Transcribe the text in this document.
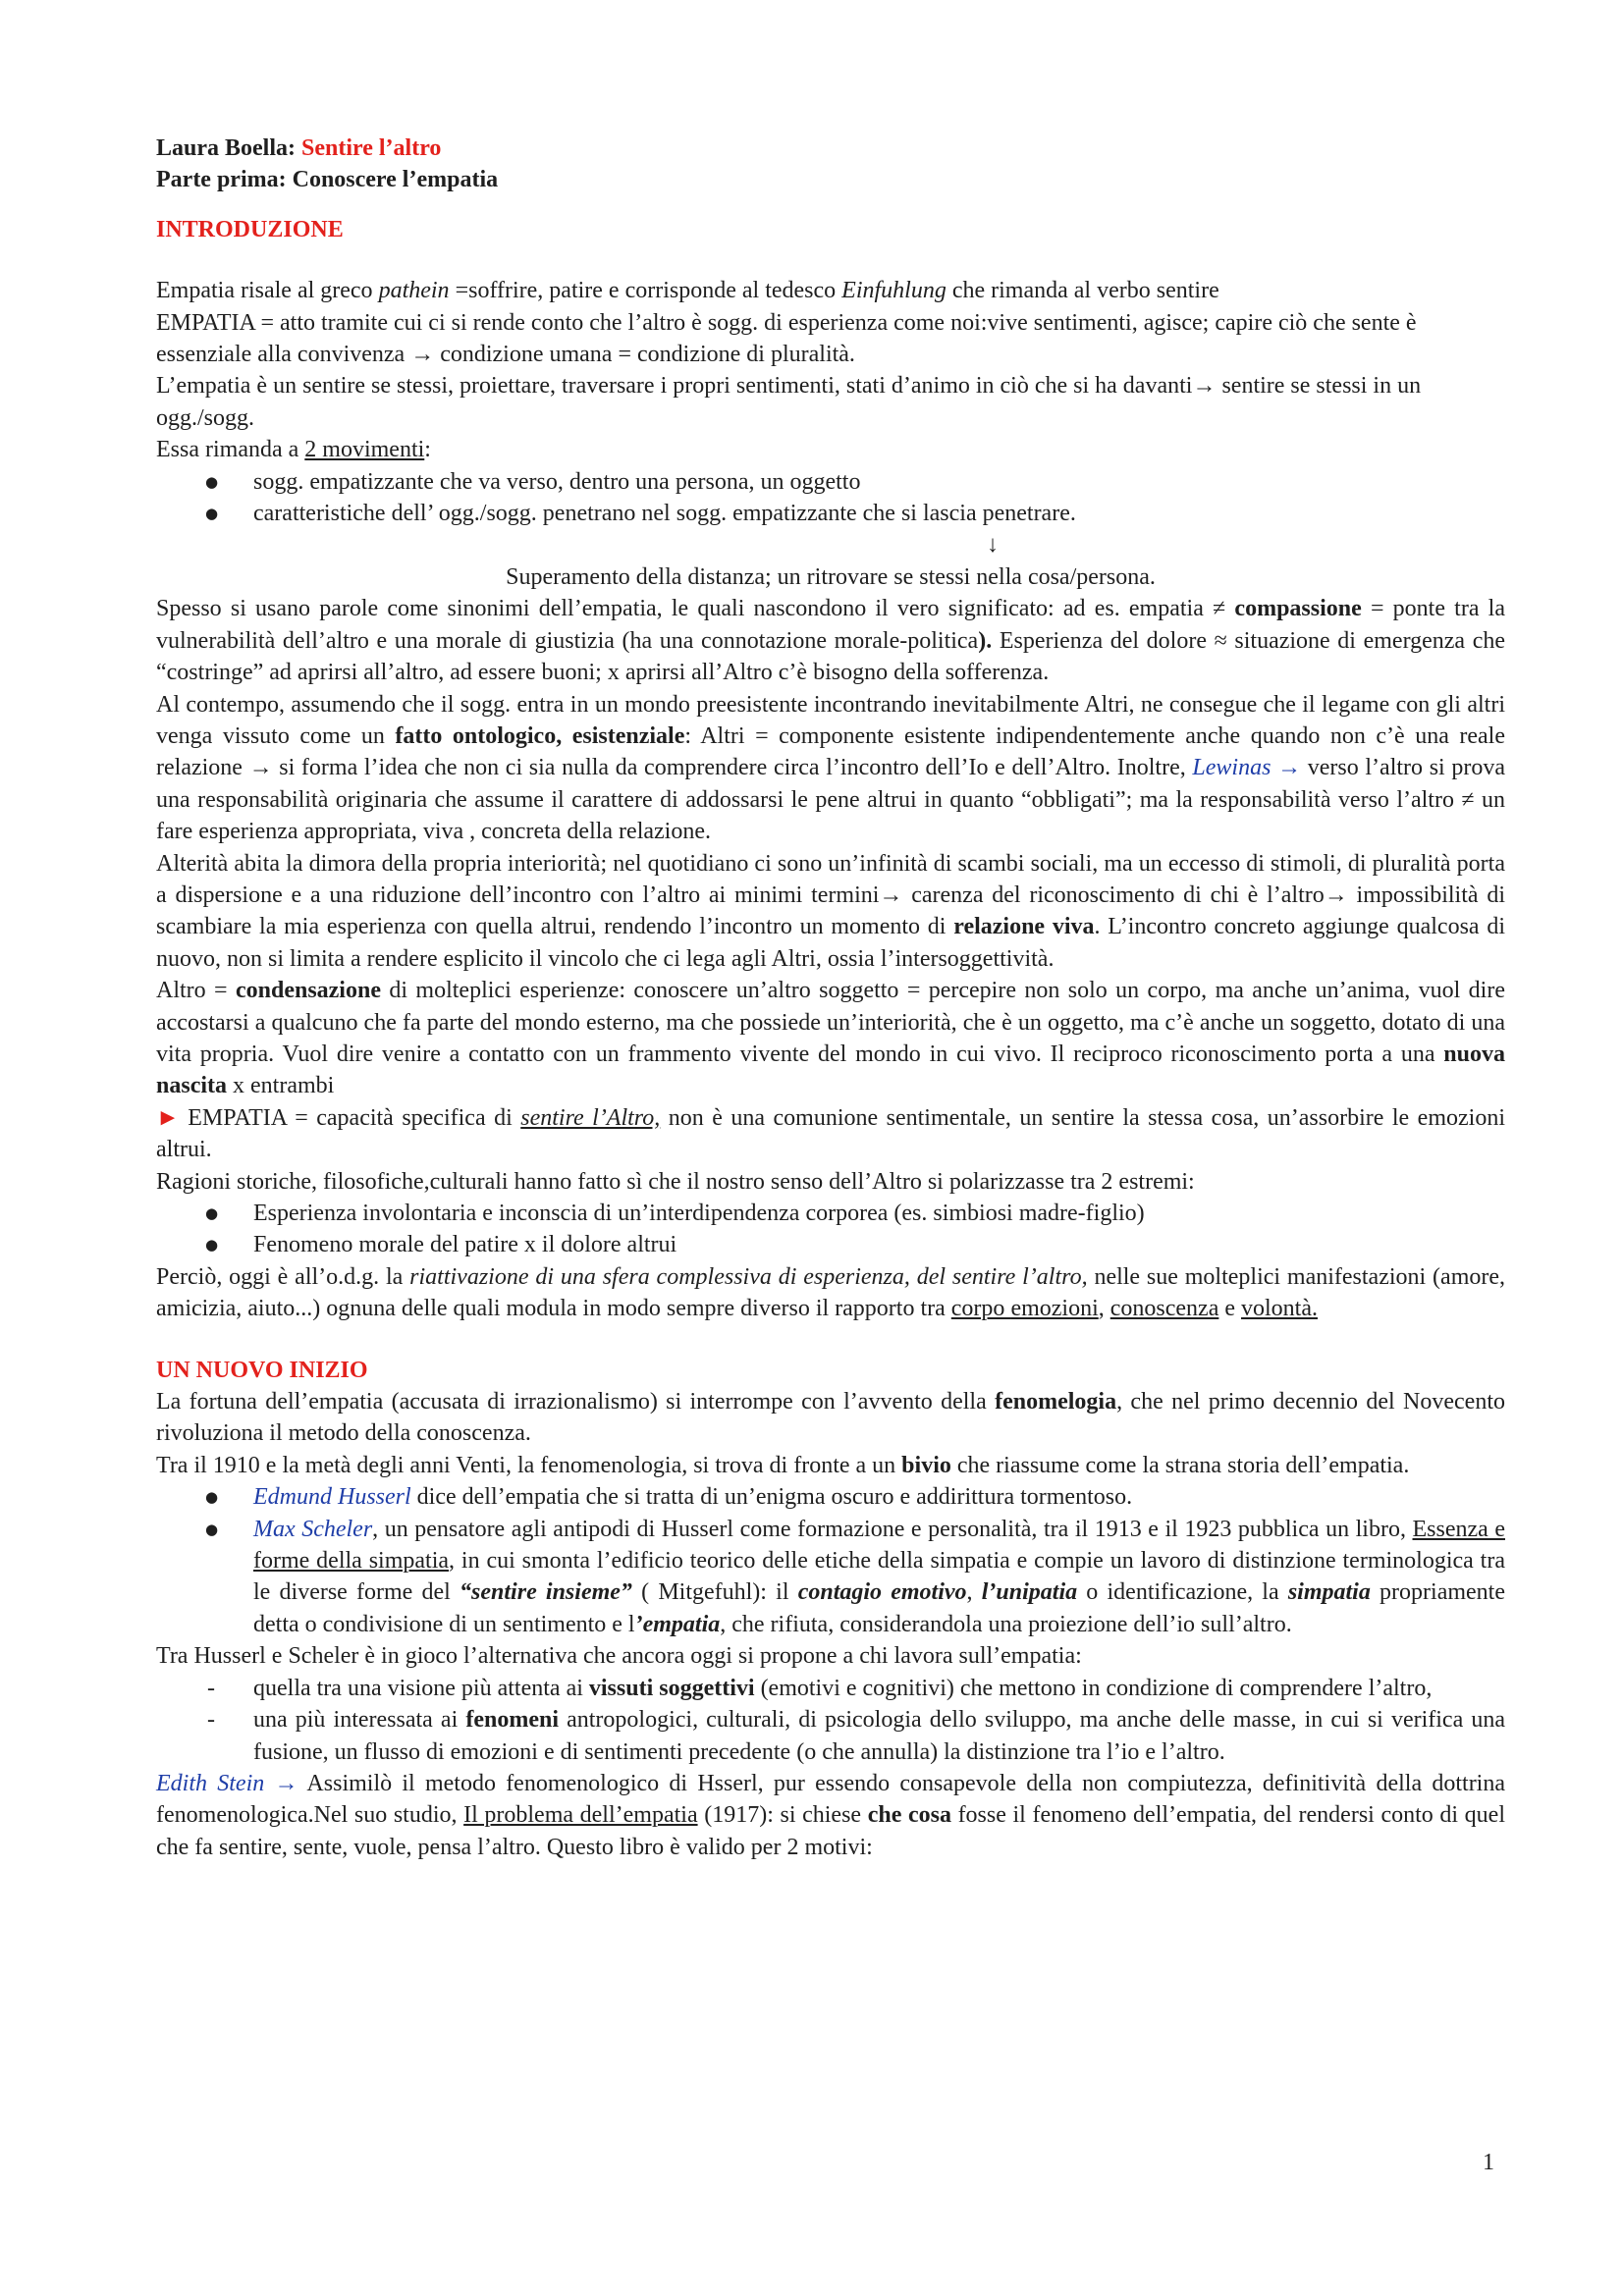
Laura Boella: Sentire l’altro

Parte prima: Conoscere l’empatia

INTRODUZIONE

Empatia risale al greco pathein =soffrire, patire e corrisponde al tedesco Einfuhlung che rimanda al verbo sentire

EMPATIA = atto tramite cui ci si rende conto che l’altro è sogg. di esperienza come noi:vive sentimenti, agisce; capire ciò che sente è essenziale alla convivenza → condizione umana = condizione di pluralità.

L’empatia è un sentire se stessi, proiettare, traversare i propri sentimenti, stati d’animo in ciò che si ha davanti→ sentire se stessi in un ogg./sogg.

Essa rimanda a 2 movimenti:

● sogg. empatizzante che va verso, dentro una persona, un oggetto
● caratteristiche dell’ ogg./sogg. penetrano nel sogg. empatizzante che si lascia penetrare.

↓

Superamento della distanza; un ritrovare se stessi nella cosa/persona.

Spesso si usano parole come sinonimi dell’empatia, le quali nascondono il vero significato: ad es. empatia ≠ compassione = ponte tra la vulnerabilità dell’altro e una morale di giustizia (ha una connotazione morale-politica). Esperienza del dolore ≈ situazione di emergenza che “costringe” ad aprirsi all’altro, ad essere buoni; x aprirsi all’Altro c’è bisogno della sofferenza.

Al contempo, assumendo che il sogg. entra in un mondo preesistente incontrando inevitabilmente Altri, ne consegue che il legame con gli altri venga vissuto come un fatto ontologico, esistenziale: Altri = componente esistente indipendentemente anche quando non c’è una reale relazione → si forma l’idea che non ci sia nulla da comprendere circa l’incontro dell’Io e dell’Altro. Inoltre, Lewinas → verso l’altro si prova una responsabilità originaria che assume il carattere di addossarsi le pene altrui in quanto “obbligati”; ma la responsabilità verso l’altro ≠ un fare esperienza appropriata, viva , concreta della relazione.

Alterità abita la dimora della propria interiorità; nel quotidiano ci sono un’infinità di scambi sociali, ma un eccesso di stimoli, di pluralità porta a dispersione e a una riduzione dell’incontro con l’altro ai minimi termini→ carenza del riconoscimento di chi è l’altro→ impossibilità di scambiare la mia esperienza con quella altrui, rendendo l’incontro un momento di relazione viva. L’incontro concreto aggiunge qualcosa di nuovo, non si limita a rendere esplicito il vincolo che ci lega agli Altri, ossia l’intersoggettività.

Altro = condensazione di molteplici esperienze: conoscere un’altro soggetto = percepire non solo un corpo, ma anche un’anima, vuol dire accostarsi a qualcuno che fa parte del mondo esterno, ma che possiede un’interiorità, che è un oggetto, ma c’è anche un soggetto, dotato di una vita propria. Vuol dire venire a contatto con un frammento vivente del mondo in cui vivo. Il reciproco riconoscimento porta a una nuova nascita x entrambi

► EMPATIA = capacità specifica di sentire l’Altro, non è una comunione sentimentale, un sentire la stessa cosa, un’assorbire le emozioni altrui.

Ragioni storiche, filosofiche,culturali hanno fatto sì che il nostro senso dell’Altro si polarizzasse tra 2 estremi:

● Esperienza involontaria e inconscia di un’interdipendenza corporea (es. simbiosi madre-figlio)
● Fenomeno morale del patire x il dolore altrui

Perciò, oggi è all’o.d.g. la riattivazione di una sfera complessiva di esperienza, del sentire l’altro, nelle sue molteplici manifestazioni (amore, amicizia, aiuto...) ognuna delle quali modula in modo sempre diverso il rapporto tra corpo emozioni, conoscenza e volontà.

UN NUOVO INIZIO

La fortuna dell’empatia (accusata di irrazionalismo) si interrompe con l’avvento della fenomelogia, che nel primo decennio del Novecento rivoluziona il metodo della conoscenza.

Tra il 1910 e la metà degli anni Venti, la fenomenologia, si trova di fronte a un bivio che riassume come la strana storia dell’empatia.

● Edmund Husserl dice dell’empatia che si tratta di un’enigma oscuro e addirittura tormentoso.
● Max Scheler, un pensatore agli antipodi di Husserl come formazione e personalità, tra il 1913 e il 1923 pubblica un libro, Essenza e forme della simpatia, in cui smonta l’edificio teorico delle etiche della simpatia e compie un lavoro di distinzione terminologica tra le diverse forme del “sentire insieme” ( Mitgefuhl): il contagio emotivo, l’unipatia o identificazione, la simpatia propriamente detta o condivisione di un sentimento e l’empatia, che rifiuta, considerandola una proiezione dell’io sull’altro.

Tra Husserl e Scheler è in gioco l’alternativa che ancora oggi si propone a chi lavora sull’empatia:

- quella tra una visione più attenta ai vissuti soggettivi (emotivi e cognitivi) che mettono in condizione di comprendere l’altro,
- una più interessata ai fenomeni antropologici, culturali, di psicologia dello sviluppo, ma anche delle masse, in cui si verifica una fusione, un flusso di emozioni e di sentimenti precedente (o che annulla) la distinzione tra l’io e l’altro.

Edith Stein → Assimilò il metodo fenomenologico di Hsserl, pur essendo consapevole della non compiutezza, definitività della dottrina fenomenologica.Nel suo studio, Il problema dell’empatia (1917): si chiese che cosa fosse il fenomeno dell’empatia, del rendersi conto di quel che fa sentire, sente, vuole, pensa l’altro. Questo libro è valido per 2 motivi:

1
